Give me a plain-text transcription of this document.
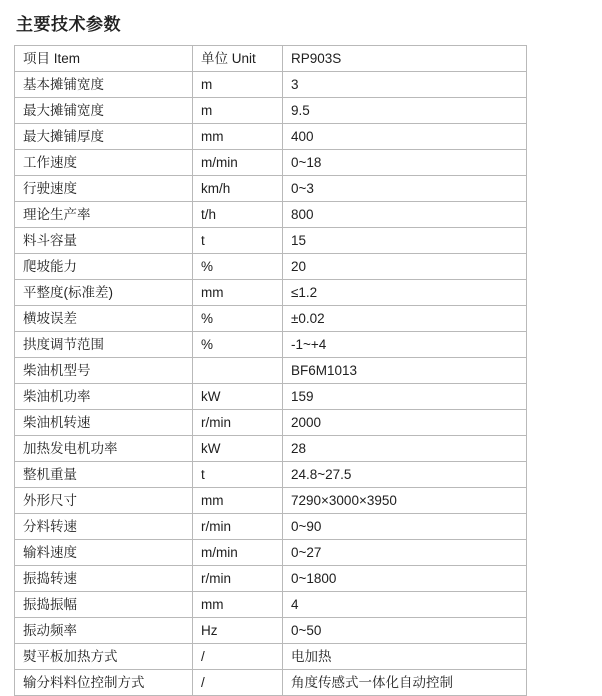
主要技术参数
项目 Item	单位 Unit	RP903S
基本摊铺宽度	m	3
最大摊铺宽度	m	9.5
最大摊铺厚度	mm	400
工作速度	m/min	0~18
行驶速度	km/h	0~3
理论生产率	t/h	800
料斗容量	t	15
爬坡能力	%	20
平整度(标准差)	mm	≤1.2
横坡误差	%	±0.02
拱度调节范围	%	-1~+4
柴油机型号		BF6M1013
柴油机功率	kW	159
柴油机转速	r/min	2000
加热发电机功率	kW	28
整机重量	t	24.8~27.5
外形尺寸	mm	7290×3000×3950
分料转速	r/min	0~90
输料速度	m/min	0~27
振捣转速	r/min	0~1800
振捣振幅	mm	4
振动频率	Hz	0~50
熨平板加热方式	/	电加热
输分料料位控制方式	/	角度传感式一体化自动控制
